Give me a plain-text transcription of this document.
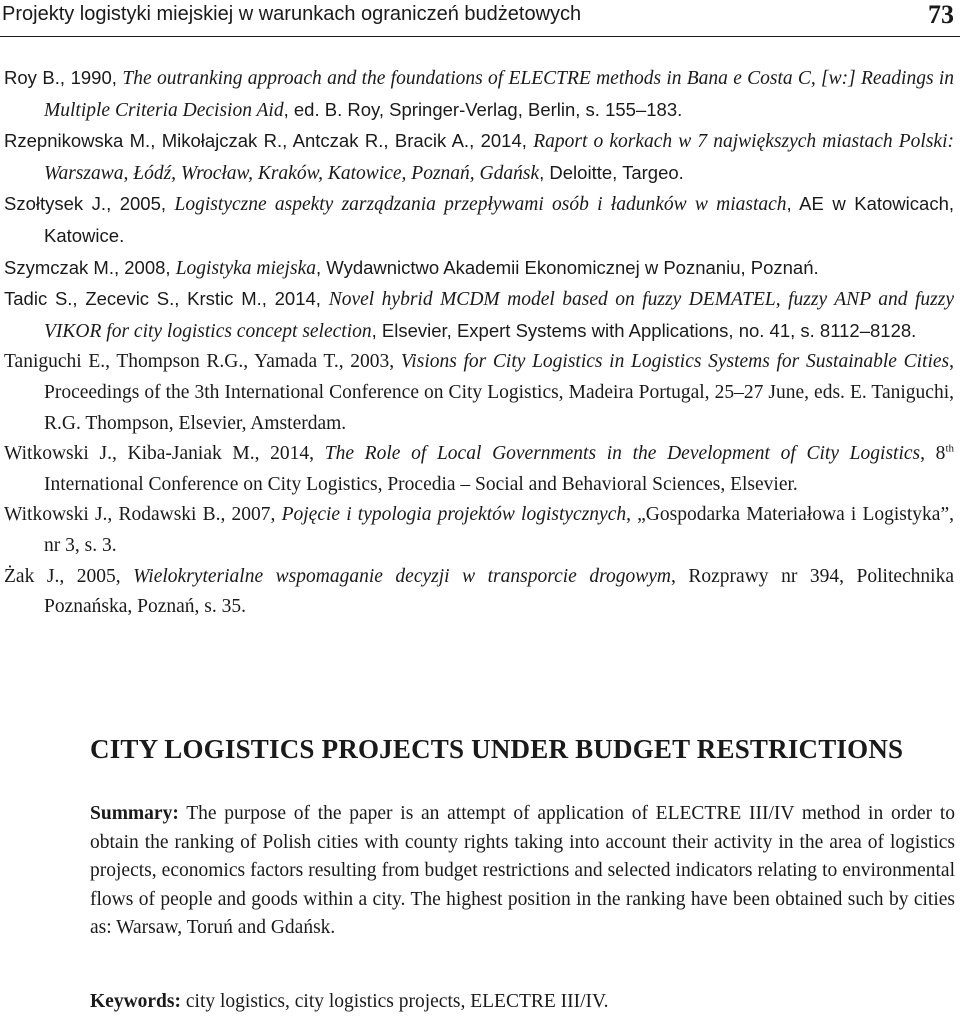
Projekty logistyki miejskiej w warunkach ograniczeń budżetowych	73
Roy B., 1990, The outranking approach and the foundations of ELECTRE methods in Bana e Costa C, [w:] Readings in Multiple Criteria Decision Aid, ed. B. Roy, Springer-Verlag, Berlin, s. 155–183.
Rzepnikowska M., Mikołajczak R., Antczak R., Bracik A., 2014, Raport o korkach w 7 największych miastach Polski: Warszawa, Łódź, Wrocław, Kraków, Katowice, Poznań, Gdańsk, Deloitte, Targeo.
Szołtysek J., 2005, Logistyczne aspekty zarządzania przepływami osób i ładunków w miastach, AE w Katowicach, Katowice.
Szymczak M., 2008, Logistyka miejska, Wydawnictwo Akademii Ekonomicznej w Poznaniu, Poznań.
Tadic S., Zecevic S., Krstic M., 2014, Novel hybrid MCDM model based on fuzzy DEMATEL, fuzzy ANP and fuzzy VIKOR for city logistics concept selection, Elsevier, Expert Systems with Applications, no. 41, s. 8112–8128.
Taniguchi E., Thompson R.G., Yamada T., 2003, Visions for City Logistics in Logistics Systems for Sustainable Cities, Proceedings of the 3th International Conference on City Logistics, Madeira Portugal, 25–27 June, eds. E. Taniguchi, R.G. Thompson, Elsevier, Amsterdam.
Witkowski J., Kiba-Janiak M., 2014, The Role of Local Governments in the Development of City Logistics, 8th International Conference on City Logistics, Procedia – Social and Behavioral Sciences, Elsevier.
Witkowski J., Rodawski B., 2007, Pojęcie i typologia projektów logistycznych, „Gospodarka Materiałowa i Logistyka”, nr 3, s. 3.
Żak J., 2005, Wielokryterialne wspomaganie decyzji w transporcie drogowym, Rozprawy nr 394, Politechnika Poznańska, Poznań, s. 35.
CITY LOGISTICS PROJECTS UNDER BUDGET RESTRICTIONS
Summary: The purpose of the paper is an attempt of application of ELECTRE III/IV method in order to obtain the ranking of Polish cities with county rights taking into account their activity in the area of logistics projects, economics factors resulting from budget restrictions and selected indicators relating to environmental flows of people and goods within a city. The highest position in the ranking have been obtained such by cities as: Warsaw, Toruń and Gdańsk.
Keywords: city logistics, city logistics projects, ELECTRE III/IV.
